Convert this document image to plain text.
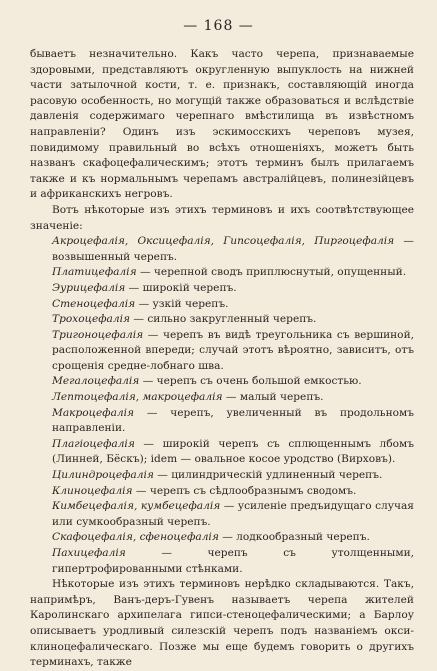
— 168 —

бываетъ незначительно. Какъ часто черепа, признаваемые здоровыми, представляютъ округленную выпуклость на нижней части затылочной кости, т. е. признакъ, составляющій иногда расовую особенность, но могущій также образоваться и вслѣдствіе давленія содержимаго черепнаго вмѣстилища въ извѣстномъ направленіи? Одинъ изъ эскимосскихъ череповъ музея, повидимому правильный во всѣхъ отношеніяхъ, можетъ быть названъ скафоцефалическимъ; этотъ терминъ былъ прилагаемъ также и къ нормальнымъ черепамъ австралійцевъ, полинезійцевъ и африканскихъ негровъ.

Вотъ нѣкоторые изъ этихъ терминовъ и ихъ соотвѣтствующее значеніе:

Акроцефалія, Оксицефалія, Гипсоцефалія, Пиргоцефалія — возвышенный черепъ.

Платицефалія — черепной сводъ приплюснутый, опущенный.

Эурицефалія — широкій черепъ.

Стеноцефалія — узкій черепъ.

Трохоцефалія — сильно закругленный черепъ.

Тригоноцефалія — черепъ въ видѣ треугольника съ вершиной, расположенной впереди; случай этотъ вѣроятно, зависитъ, отъ срощенія средне-лобнаго шва.

Мегалоцефалія — черепъ съ очень большой емкостью.

Лептоцефалія, макроцефалія — малый черепъ.

Макроцефалія — черепъ, увеличенный въ продольномъ направленіи.

Плагіоцефалія — широкій черепъ съ сплющеннымъ лбомъ (Линней, Бёскъ); idem — овальное косое уродство (Вирховъ).

Цилиндроцефалія — цилиндрическій удлиненный черепъ.

Клиноцефалія — черепъ съ сѣдлообразнымъ сводомъ.

Кимбецефалія, кумбецефалія — усиленіе предъидущаго случая или сумкообразный черепъ.

Скафоцефалія, сфеноцефалія — лодкообразный черепъ.

Пахицефалія — черепъ съ утолщенными, гипертрофированными стѣнками.

Нѣкоторые изъ этихъ терминовъ нерѣдко складываются. Такъ, напримѣръ, Ванъ-деръ-Гувенъ называетъ черепа жителей Каролинскаго архипелага гипси-стеноцефалическими; а Барлоу описываетъ уродливый силезскій черепъ подъ названіемъ окси-клиноцефалическаго. Позже мы еще будемъ говорить о другихъ терминахъ, также
